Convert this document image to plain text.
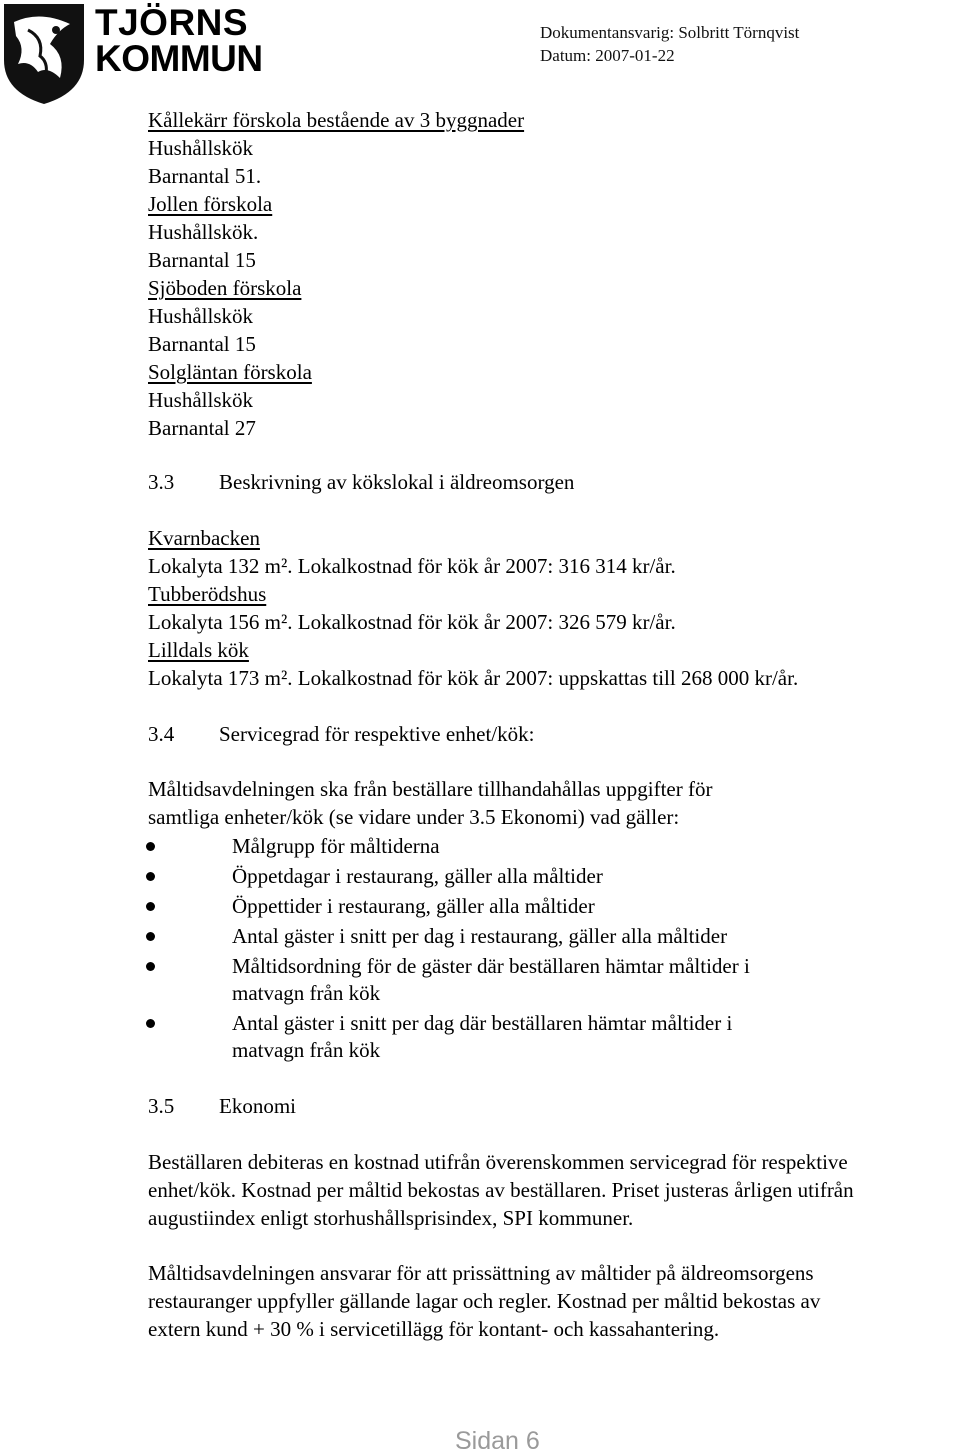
TJÖRNS
KOMMUN
Dokumentansvarig: Solbritt Törnqvist
Datum: 2007-01-22
Kållekärr förskola bestående av 3 byggnader
Hushållskök
Barnantal 51.
Jollen förskola
Hushållskök.
Barnantal 15
Sjöboden förskola
Hushållskök
Barnantal 15
Solgläntan förskola
Hushållskök
Barnantal 27
3.3 Beskrivning av kökslokal i äldreomsorgen
Kvarnbacken
Lokalyta 132 m². Lokalkostnad för kök år 2007: 316 314 kr/år.
Tubberödshus
Lokalyta 156 m². Lokalkostnad för kök år 2007: 326 579 kr/år.
Lilldals kök
Lokalyta 173 m². Lokalkostnad för kök år 2007: uppskattas till 268 000 kr/år.
3.4 Servicegrad för respektive enhet/kök:
Måltidsavdelningen ska från beställare tillhandahållas uppgifter för
samtliga enheter/kök (se vidare under 3.5 Ekonomi) vad gäller:
Målgrupp för måltiderna
Öppetdagar i restaurang, gäller alla måltider
Öppettider i restaurang, gäller alla måltider
Antal gäster i snitt per dag i restaurang, gäller alla måltider
Måltidsordning för de gäster där beställaren hämtar måltider i
matvagn från kök
Antal gäster i snitt per dag där beställaren hämtar måltider i
matvagn från kök
3.5 Ekonomi
Beställaren debiteras en kostnad utifrån överenskommen servicegrad för respektive
enhet/kök. Kostnad per måltid bekostas av beställaren. Priset justeras årligen utifrån
augustiindex enligt storhushållsprisindex, SPI kommuner.
Måltidsavdelningen ansvarar för att prissättning av måltider på äldreomsorgens
restauranger uppfyller gällande lagar och regler. Kostnad per måltid bekostas av
extern kund + 30 % i servicetillägg för kontant- och kassahantering.
Sidan 6
